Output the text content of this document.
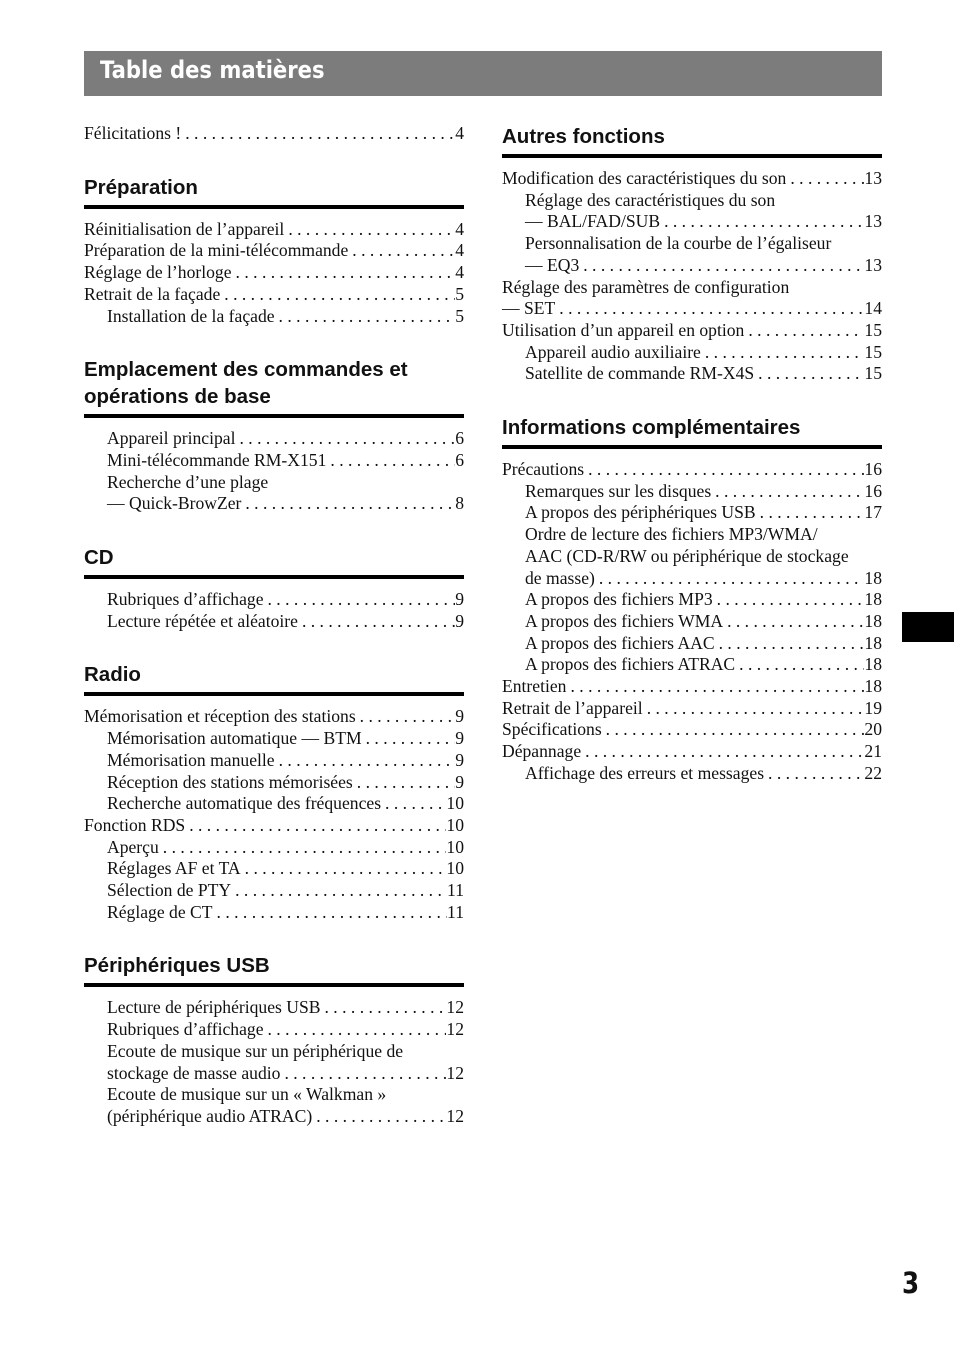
Table des matières
Félicitations ! . . .	4
Préparation
Réinitialisation de l’appareil . . .	4
Préparation de la mini-télécommande . . .	4
Réglage de l’horloge . . .	4
Retrait de la façade . . .	5
Installation de la façade . . .	5
Emplacement des commandes et
opérations de base
Appareil principal . . .	6
Mini-télécommande RM-X151 . . .	6
Recherche d’une plage
— Quick-BrowZer . . .	8
CD
Rubriques d’affichage . . .	9
Lecture répétée et aléatoire . . .	9
Radio
Mémorisation et réception des stations . . .	9
Mémorisation automatique — BTM . . .	9
Mémorisation manuelle . . .	9
Réception des stations mémorisées . . .	9
Recherche automatique des fréquences . . .	10
Fonction RDS . . .	10
Aperçu . . .	10
Réglages AF et TA . . .	10
Sélection de PTY . . .	11
Réglage de CT . . .	11
Périphériques USB
Lecture de périphériques USB . . .	12
Rubriques d’affichage . . .	12
Ecoute de musique sur un périphérique de
stockage de masse audio . . .	12
Ecoute de musique sur un « Walkman »
(périphérique audio ATRAC) . . .	12
Autres fonctions
Modification des caractéristiques du son . . .	13
Réglage des caractéristiques du son
— BAL/FAD/SUB . . .	13
Personnalisation de la courbe de l’égaliseur
— EQ3 . . .	13
Réglage des paramètres de configuration
— SET . . .	14
Utilisation d’un appareil en option . . .	15
Appareil audio auxiliaire . . .	15
Satellite de commande RM-X4S . . .	15
Informations complémentaires
Précautions . . .	16
Remarques sur les disques . . .	16
A propos des périphériques USB . . .	17
Ordre de lecture des fichiers MP3/WMA/
AAC (CD-R/RW ou périphérique de stockage
de masse) . . .	18
A propos des fichiers MP3 . . .	18
A propos des fichiers WMA . . .	18
A propos des fichiers AAC . . .	18
A propos des fichiers ATRAC . . .	18
Entretien . . .	18
Retrait de l’appareil . . .	19
Spécifications . . .	20
Dépannage . . .	21
Affichage des erreurs et messages . . .	22
3
